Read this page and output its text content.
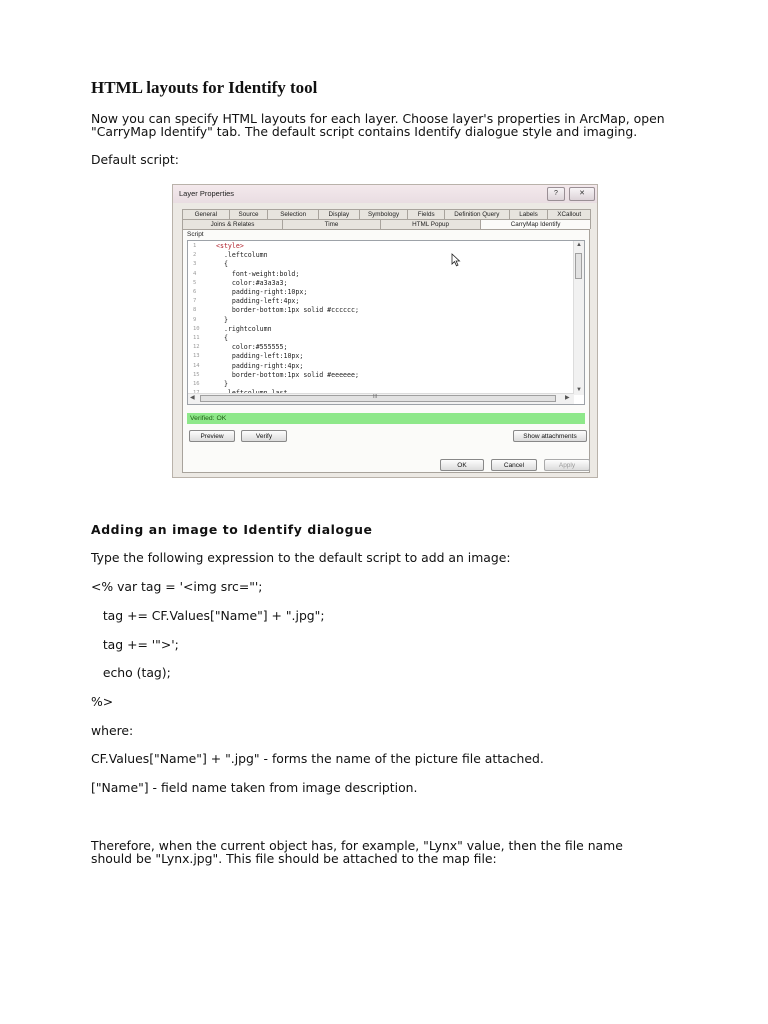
HTML layouts for Identify tool
Now you can specify HTML layouts for each layer. Choose layer's properties in ArcMap, open
"CarryMap Identify" tab. The default script contains Identify dialogue style and imaging.
Default script:
Layer Properties	?	✕
General	Source	Selection	Display	Symbology	Fields	Definition Query	Labels	XCallout
Joins & Relates	Time	HTML Popup	CarryMap Identify
Script
1
2
3
4
5
6
7
8
9
10
11
12
13
14
15
16
<style>
.leftcolumn
{
font-weight:bold;
color:#a3a3a3;
padding-right:10px;
padding-left:4px;
border-bottom:1px solid #cccccc;
}
.rightcolumn
{
color:#555555;
padding-left:10px;
padding-right:4px;
border-bottom:1px solid #eeeeee;
}
▲
▼
◀	III	▶
Verified: OK
Preview	Verify	Show attachments
OK	Cancel	Apply
Adding an image to Identify dialogue
Type the following expression to the default script to add an image:
<% var tag = '<img src="';
tag += CF.Values["Name"] + ".jpg";
tag += '">';
echo (tag);
%>
where:
CF.Values["Name"] + ".jpg" - forms the name of the picture file attached.
["Name"] - field name taken from image description.
Therefore, when the current object has, for example, "Lynx" value, then the file name
should be "Lynx.jpg". This file should be attached to the map file:
